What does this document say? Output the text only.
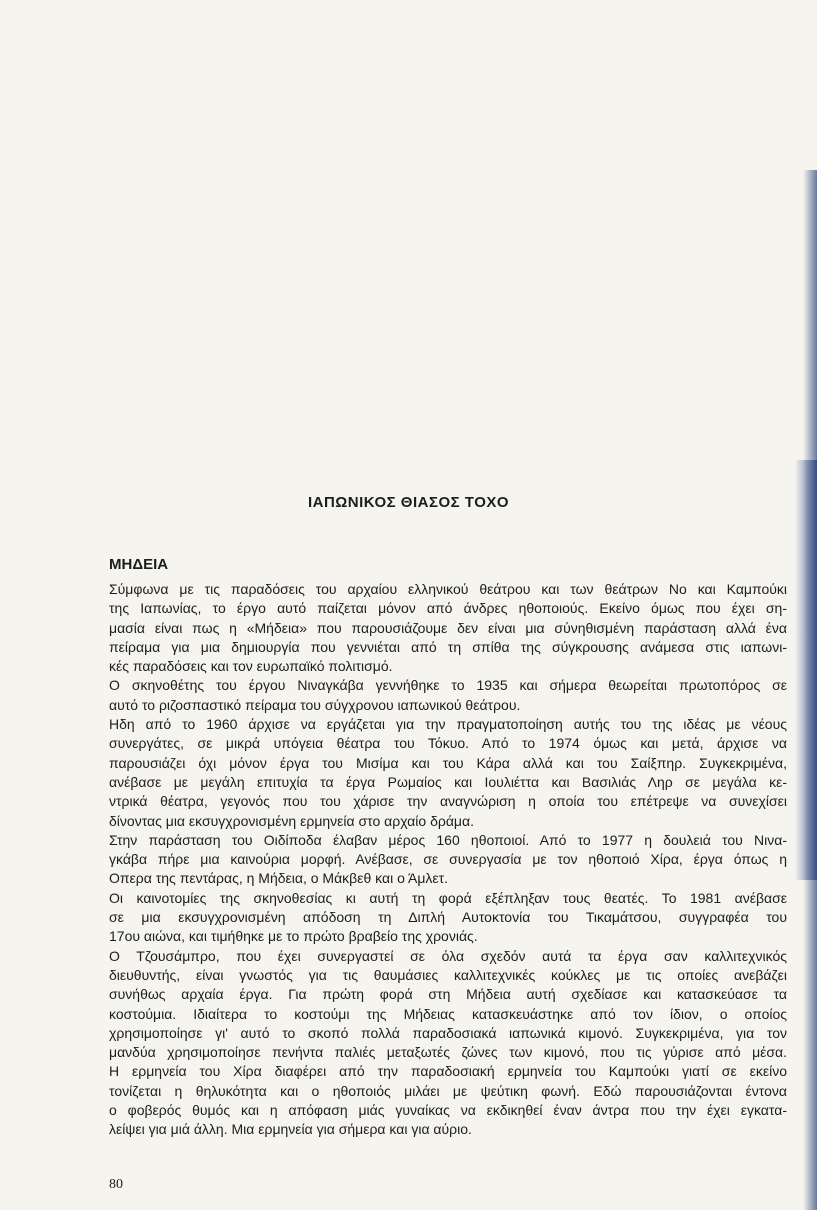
ΙΑΠΩΝΙΚΟΣ ΘΙΑΣΟΣ ΤΟΧΟ
ΜΗΔΕΙΑ
Σύμφωνα με τις παραδόσεις του αρχαίου ελληνικού θεάτρου και των θεάτρων Νο και Καμπούκι
της Ιαπωνίας, το έργο αυτό παίζεται μόνον από άνδρες ηθοποιούς. Εκείνο όμως που έχει ση-
μασία είναι πως η «Μήδεια» που παρουσιάζουμε δεν είναι μια σύνηθισμένη παράσταση αλλά ένα
πείραμα για μια δημιουργία που γεννιέται από τη σπίθα της σύγκρουσης ανάμεσα στις ιαπωνι-
κές παραδόσεις και τον ευρωπαϊκό πολιτισμό.
Ο σκηνοθέτης του έργου Νιναγκάβα γεννήθηκε το 1935 και σήμερα θεωρείται πρωτοπόρος σε
αυτό το ριζοσπαστικό πείραμα του σύγχρονου ιαπωνικού θεάτρου.
Ηδη από το 1960 άρχισε να εργάζεται για την πραγματοποίηση αυτής του της ιδέας με νέους
συνεργάτες, σε μικρά υπόγεια θέατρα του Τόκυο. Από το 1974 όμως και μετά, άρχισε να
παρουσιάζει όχι μόνον έργα του Μισίμα και του Κάρα αλλά και του Σαίξπηρ. Συγκεκριμένα,
ανέβασε με μεγάλη επιτυχία τα έργα Ρωμαίος και Ιουλιέττα και Βασιλιάς Ληρ σε μεγάλα κε-
ντρικά θέατρα, γεγονός που του χάρισε την αναγνώριση η οποία του επέτρεψε να συνεχίσει
δίνοντας μια εκσυγχρονισμένη ερμηνεία στο αρχαίο δράμα.
Στην παράσταση του Οιδίποδα έλαβαν μέρος 160 ηθοποιοί. Από το 1977 η δουλειά του Νινα-
γκάβα πήρε μια καινούρια μορφή. Ανέβασε, σε συνεργασία με τον ηθοποιό Χίρα, έργα όπως η
Οπερα της πεντάρας, η Μήδεια, ο Μάκβεθ και ο Άμλετ.
Οι καινοτομίες της σκηνοθεσίας κι αυτή τη φορά εξέπληξαν τους θεατές. Το 1981 ανέβασε
σε μια εκσυγχρονισμένη απόδοση τη Διπλή Αυτοκτονία του Τικαμάτσου, συγγραφέα του
17ου αιώνα, και τιμήθηκε με το πρώτο βραβείο της χρονιάς.
Ο Τζουσάμπρο, που έχει συνεργαστεί σε όλα σχεδόν αυτά τα έργα σαν καλλιτεχνικός
διευθυντής, είναι γνωστός για τις θαυμάσιες καλλιτεχνικές κούκλες με τις οποίες ανεβάζει
συνήθως αρχαία έργα. Για πρώτη φορά στη Μήδεια αυτή σχεδίασε και κατασκεύασε τα
κοστούμια. Ιδιαίτερα το κοστούμι της Μήδειας κατασκευάστηκε από τον ίδιον, ο οποίος
χρησιμοποίησε γι' αυτό το σκοπό πολλά παραδοσιακά ιαπωνικά κιμονό. Συγκεκριμένα, για τον
μανδύα χρησιμοποίησε πενήντα παλιές μεταξωτές ζώνες των κιμονό, που τις γύρισε από μέσα.
Η ερμηνεία του Χίρα διαφέρει από την παραδοσιακή ερμηνεία του Καμπούκι γιατί σε εκείνο
τονίζεται η θηλυκότητα και ο ηθοποιός μιλάει με ψεύτικη φωνή. Εδώ παρουσιάζονται έντονα
ο φοβερός θυμός και η απόφαση μιάς γυναίκας να εκδικηθεί έναν άντρα που την έχει εγκατα-
λείψει για μιά άλλη. Μια ερμηνεία για σήμερα και για αύριο.

80
